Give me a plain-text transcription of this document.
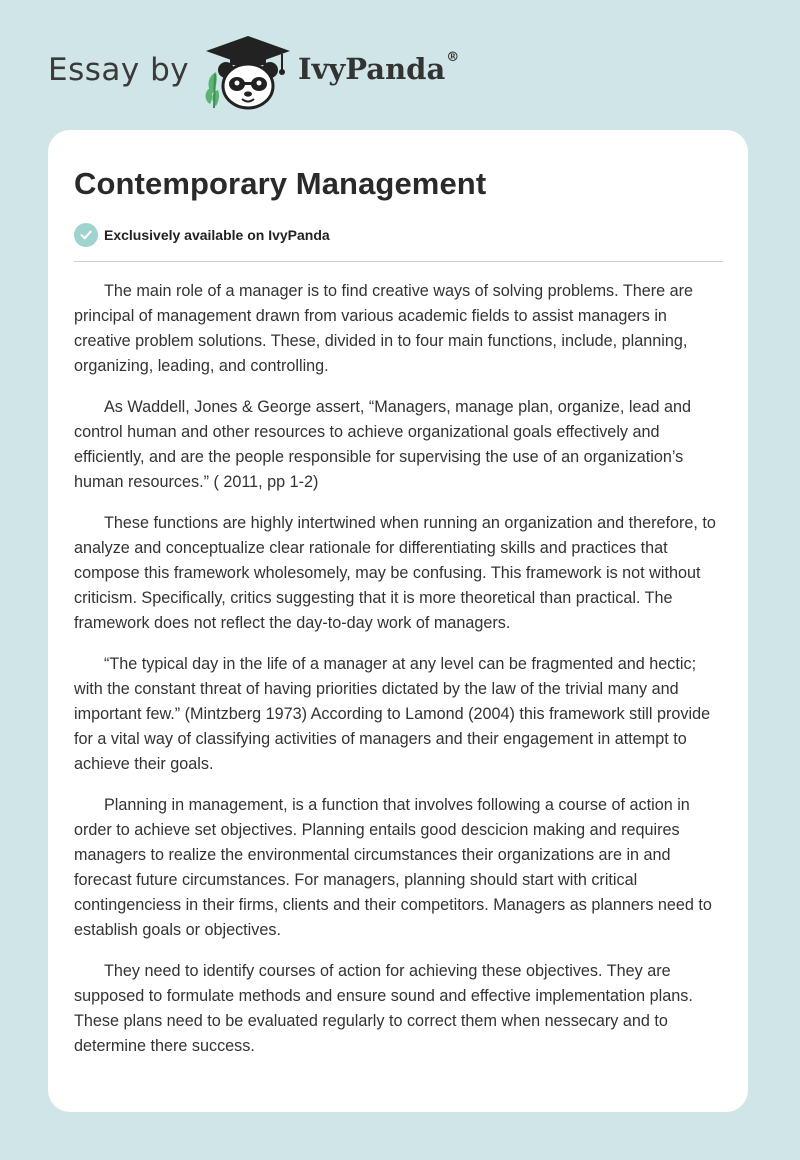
Essay by	IvyPanda®
Contemporary Management
Exclusively available on IvyPanda

The main role of a manager is to find creative ways of solving problems. There are principal of management drawn from various academic fields to assist managers in creative problem solutions. These, divided in to four main functions, include, planning, organizing, leading, and controlling.

As Waddell, Jones & George assert, “Managers, manage plan, organize, lead and control human and other resources to achieve organizational goals effectively and efficiently, and are the people responsible for supervising the use of an organization’s human resources.” ( 2011, pp 1-2)

These functions are highly intertwined when running an organization and therefore, to analyze and conceptualize clear rationale for differentiating skills and practices that compose this framework wholesomely, may be confusing. This framework is not without criticism. Specifically, critics suggesting that it is more theoretical than practical. The framework does not reflect the day-to-day work of managers.

“The typical day in the life of a manager at any level can be fragmented and hectic; with the constant threat of having priorities dictated by the law of the trivial many and important few.” (Mintzberg 1973) According to Lamond (2004) this framework still provide for a vital way of classifying activities of managers and their engagement in attempt to achieve their goals.

Planning in management, is a function that involves following a course of action in order to achieve set objectives. Planning entails good descicion making and requires managers to realize the environmental circumstances their organizations are in and forecast future circumstances. For managers, planning should start with critical contingenciess in their firms, clients and their competitors. Managers as planners need to establish goals or objectives.

They need to identify courses of action for achieving these objectives. They are supposed to formulate methods and ensure sound and effective implementation plans. These plans need to be evaluated regularly to correct them when nessecary and to determine there success.
